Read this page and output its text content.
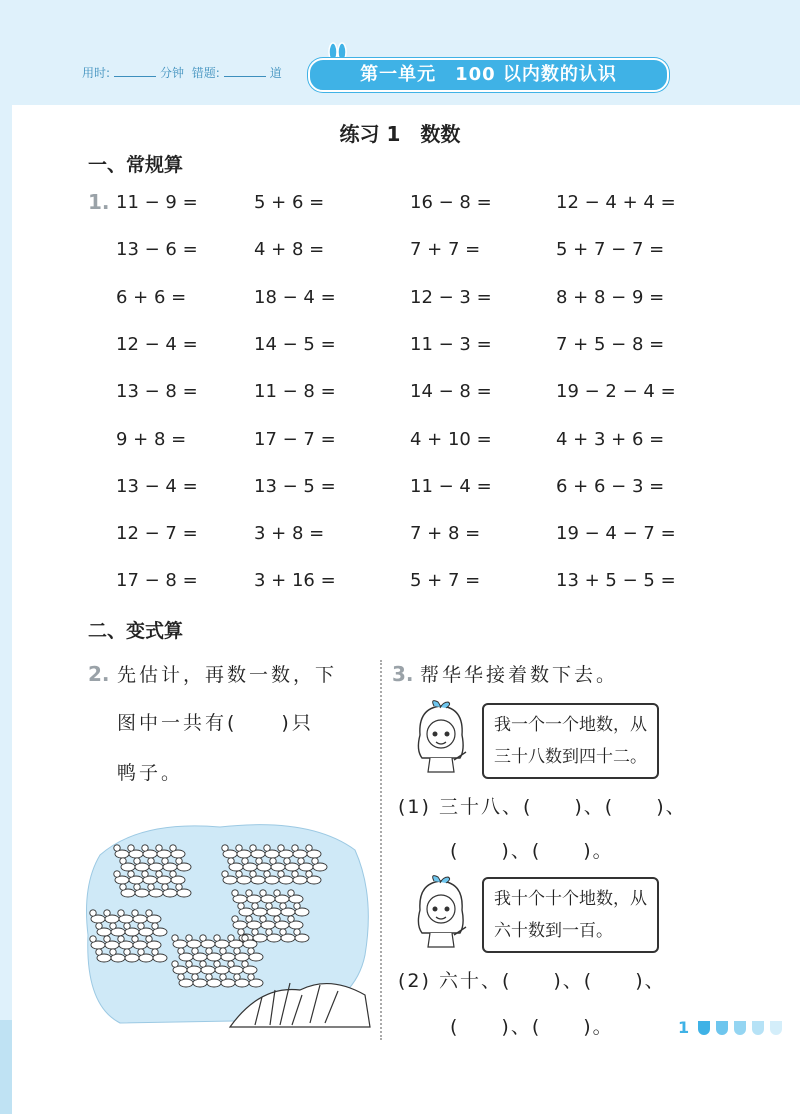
用时:	分钟 错题:	道	第一单元　100 以内数的认识
练习 1　数数
一、常规算
1. 11 − 9 =	5 + 6 =	16 − 8 =	12 − 4 + 4 =
13 − 6 =	4 + 8 =	7 + 7 =	5 + 7 − 7 =
6 + 6 =	18 − 4 =	12 − 3 =	8 + 8 − 9 =
12 − 4 =	14 − 5 =	11 − 3 =	7 + 5 − 8 =
13 − 8 =	11 − 8 =	14 − 8 =	19 − 2 − 4 =
9 + 8 =	17 − 7 =	4 + 10 =	4 + 3 + 6 =
13 − 4 =	13 − 5 =	11 − 4 =	6 + 6 − 3 =
12 − 7 =	3 + 8 =	7 + 8 =	19 − 4 − 7 =
17 − 8 =	3 + 16 =	5 + 7 =	13 + 5 − 5 =
二、变式算
2. 先估计，再数一数，下
图中一共有(　　)只
鸭子。
3. 帮华华接着数下去。
我一个一个地数，从
三十八数到四十二。
(1) 三十八、(　　)、(　　)、
(　　)、(　　)。
我十个十个地数，从
六十数到一百。
(2) 六十、(　　)、(　　)、
(　　)、(　　)。	1
